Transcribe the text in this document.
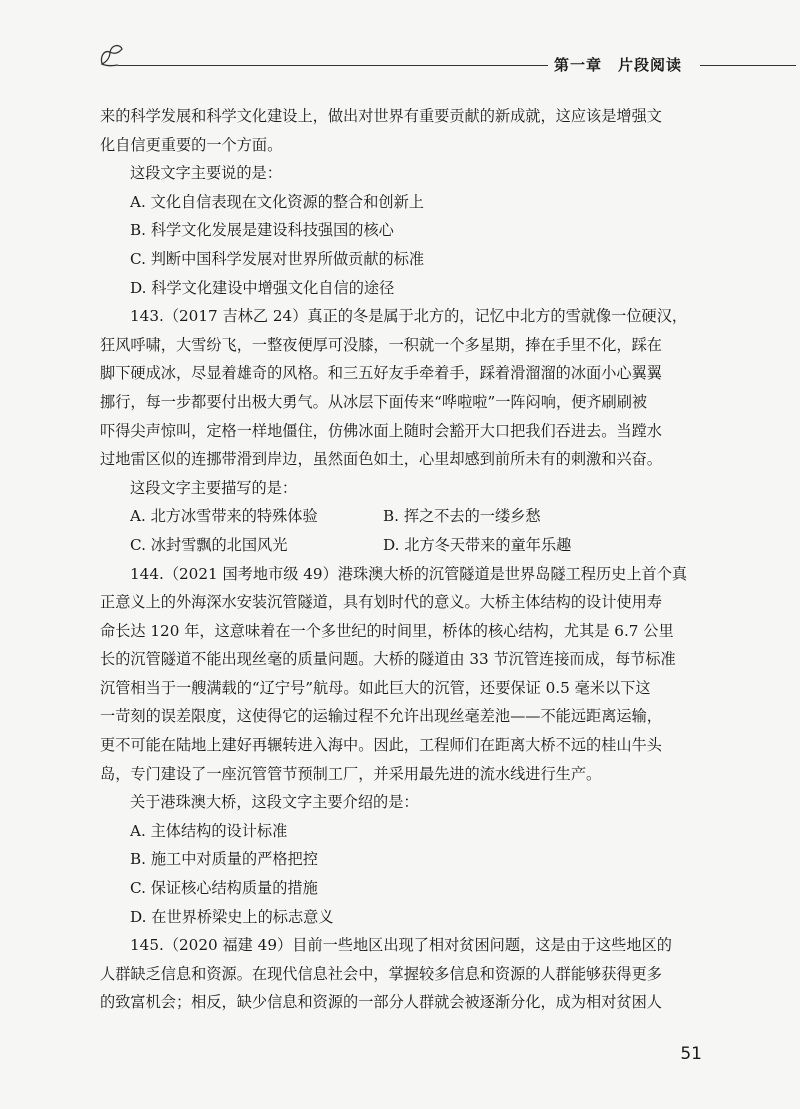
第一章　片段阅读

来的科学发展和科学文化建设上，做出对世界有重要贡献的新成就，这应该是增强文

化自信更重要的一个方面。

这段文字主要说的是：

A. 文化自信表现在文化资源的整合和创新上

B. 科学文化发展是建设科技强国的核心

C. 判断中国科学发展对世界所做贡献的标准

D. 科学文化建设中增强文化自信的途径

143.（2017 吉林乙 24）真正的冬是属于北方的，记忆中北方的雪就像一位硬汉，

狂风呼啸，大雪纷飞，一整夜便厚可没膝，一积就一个多星期，捧在手里不化，踩在

脚下硬成冰，尽显着雄奇的风格。和三五好友手牵着手，踩着滑溜溜的冰面小心翼翼

挪行，每一步都要付出极大勇气。从冰层下面传来“哗啦啦”一阵闷响，便齐刷刷被

吓得尖声惊叫，定格一样地僵住，仿佛冰面上随时会豁开大口把我们吞进去。当蹚水

过地雷区似的连挪带滑到岸边，虽然面色如土，心里却感到前所未有的刺激和兴奋。

这段文字主要描写的是：

A. 北方冰雪带来的特殊体验	B. 挥之不去的一缕乡愁
C. 冰封雪飘的北国风光	D. 北方冬天带来的童年乐趣

144.（2021 国考地市级 49）港珠澳大桥的沉管隧道是世界岛隧工程历史上首个真

正意义上的外海深水安装沉管隧道，具有划时代的意义。大桥主体结构的设计使用寿

命长达 120 年，这意味着在一个多世纪的时间里，桥体的核心结构，尤其是 6.7 公里

长的沉管隧道不能出现丝毫的质量问题。大桥的隧道由 33 节沉管连接而成，每节标准

沉管相当于一艘满载的“辽宁号”航母。如此巨大的沉管，还要保证 0.5 毫米以下这

一苛刻的误差限度，这使得它的运输过程不允许出现丝毫差池——不能远距离运输，

更不可能在陆地上建好再辗转进入海中。因此，工程师们在距离大桥不远的桂山牛头

岛，专门建设了一座沉管管节预制工厂，并采用最先进的流水线进行生产。

关于港珠澳大桥，这段文字主要介绍的是：

A. 主体结构的设计标准

B. 施工中对质量的严格把控

C. 保证核心结构质量的措施

D. 在世界桥梁史上的标志意义

145.（2020 福建 49）目前一些地区出现了相对贫困问题，这是由于这些地区的

人群缺乏信息和资源。在现代信息社会中，掌握较多信息和资源的人群能够获得更多

的致富机会；相反，缺少信息和资源的一部分人群就会被逐渐分化，成为相对贫困人

51
